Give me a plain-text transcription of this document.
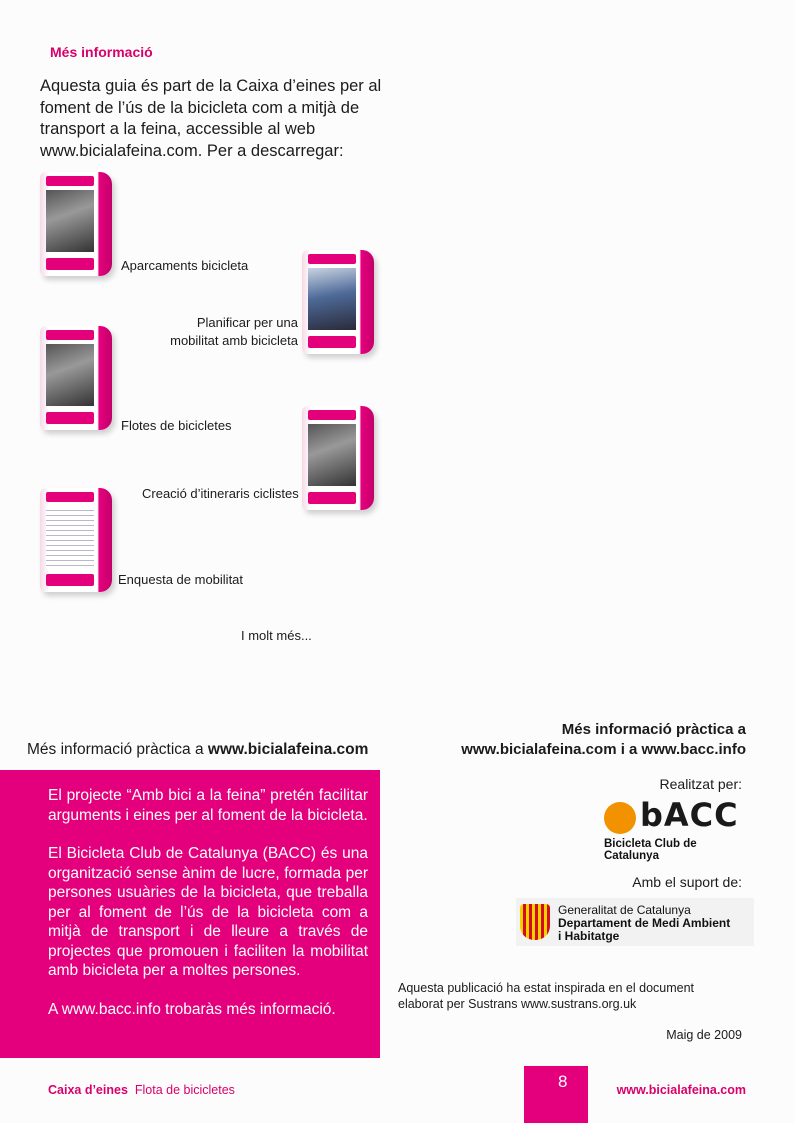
Més informació
Aquesta guia és part de la Caixa d’eines per al foment de l’ús de la bicicleta com a mitjà de transport a la feina, accessible al web www.bicialafeina.com. Per a descarregar:
Aparcaments bicicleta
Planificar per una mobilitat amb bicicleta
Flotes de bicicletes
Creació d’itineraris ciclistes
Enquesta de mobilitat
I molt més...
Més informació pràctica a www.bicialafeina.com
Més informació pràctica a
www.bicialafeina.com i a www.bacc.info

El projecte “Amb bici a la feina” pretén facilitar arguments i eines per al foment de la bicicleta.

El Bicicleta Club de Catalunya (BACC) és una organització sense ànim de lucre, formada per persones usuàries de la bicicleta, que treballa per al foment de l’ús de la bicicleta com a mitjà de transport i de lleure a través de projectes que promouen i faciliten la mobilitat amb bicicleta per a moltes persones.

A www.bacc.info trobaràs més informació.

Realitzat per:
bACC
Bicicleta Club de Catalunya
Amb el suport de:
Generalitat de Catalunya
Departament de Medi Ambient
i Habitatge
Aquesta publicació ha estat inspirada en el document elaborat per Sustrans www.sustrans.org.uk
Maig de 2009
Caixa d’eines Flota de bicicletes	8	www.bicialafeina.com
